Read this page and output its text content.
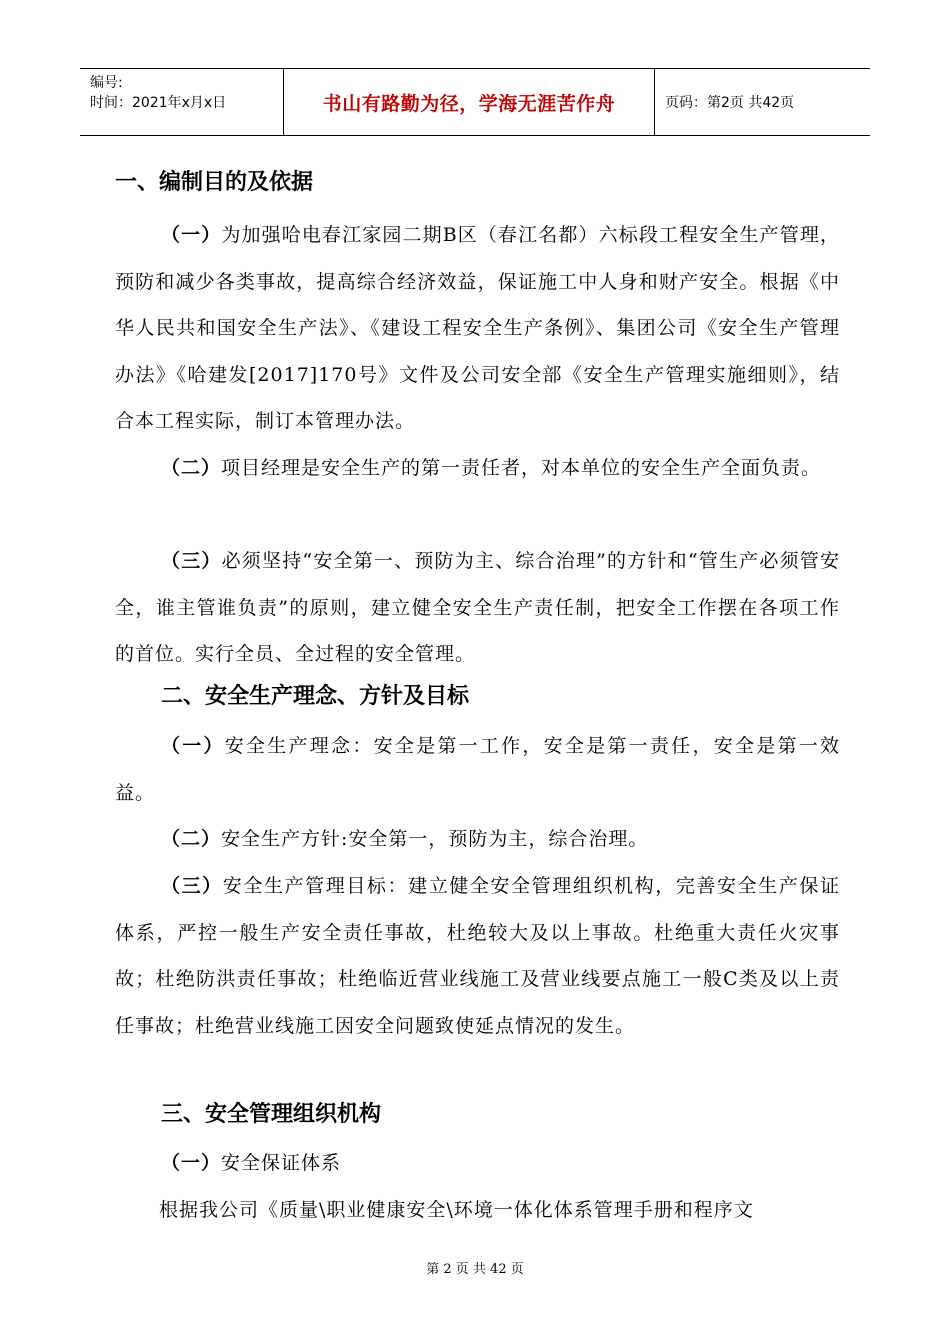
编号:
时间：2021年x月x日	书山有路勤为径，学海无涯苦作舟	页码：第2页 共42页
一、编制目的及依据

（一）为加强哈电春江家园二期B区（春江名都）六标段工程安全生产管理，预防和减少各类事故，提高综合经济效益，保证施工中人身和财产安全。根据《中华人民共和国安全生产法》、《建设工程安全生产条例》、集团公司《安全生产管理办法》《哈建发[2017]170号》文件及公司安全部《安全生产管理实施细则》，结合本工程实际，制订本管理办法。

（二）项目经理是安全生产的第一责任者，对本单位的安全生产全面负责。

（三）必须坚持“安全第一、预防为主、综合治理”的方针和“管生产必须管安全，谁主管谁负责”的原则，建立健全安全生产责任制，把安全工作摆在各项工作的首位。实行全员、全过程的安全管理。

二、安全生产理念、方针及目标

（一）安全生产理念：安全是第一工作，安全是第一责任，安全是第一效益。

（二）安全生产方针:安全第一，预防为主，综合治理。

（三）安全生产管理目标：建立健全安全管理组织机构，完善安全生产保证体系，严控一般生产安全责任事故，杜绝较大及以上事故。杜绝重大责任火灾事故；杜绝防洪责任事故；杜绝临近营业线施工及营业线要点施工一般C类及以上责任事故；杜绝营业线施工因安全问题致使延点情况的发生。

三、安全管理组织机构

（一）安全保证体系

根据我公司《质量\职业健康安全\环境一体化体系管理手册和程序文

第 2 页 共 42 页
